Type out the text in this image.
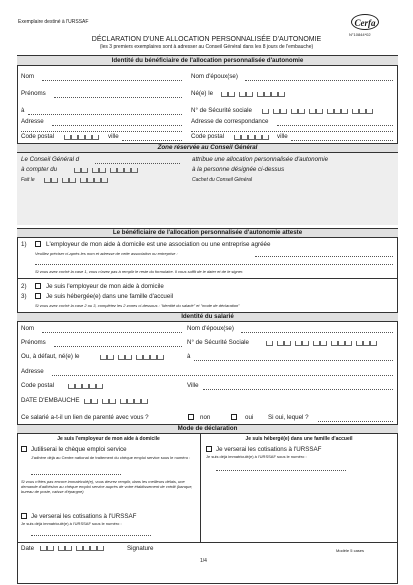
Exemplaire destiné à l'URSSAF	Cerfa
N°10844*02
DÉCLARATION D'UNE ALLOCATION PERSONNALISÉE D'AUTONOMIE
(les 3 premiers exemplaires sont à adresser au Conseil Général dans les 8 jours de l'embauche)
Identité du bénéficiaire de l'allocation personnalisée d'autonomie
Nom	Nom d'époux(se)
Prénoms	Né(e) le
à	N° de Sécurité sociale
Adresse	Adresse de correspondance
Code postal	ville	Code postal	ville
Zone réservée au Conseil Général
Le Conseil Général d	attribue une allocation personnalisée d'autonomie
à compter du	à la personne désignée ci-dessus
Fait le	Cachet du Conseil Général
Le bénéficiaire de l'allocation personnalisée d'autonomie atteste
1)	L'employeur de mon aide à domicile est une association ou une entreprise agréée
Veuillez préciser ci-après les nom et adresse de cette association ou entreprise :
Si vous avez coché la case 1, vous n'avez pas à remplir le reste du formulaire. Il vous suffit de le dater et de le signer.
2)	Je suis l'employeur de mon aide à domicile
3)	Je suis hébergée(e) dans une famille d'accueil
Si vous avez coché la case 2 ou 3, complétez les 2 zones ci-dessous : "identité du salarié" et "mode de déclaration"
Identité du salarié
Nom	Nom d'époux(se)
Prénoms	N° de Sécurité Sociale
Ou, à défaut, né(e) le	à
Adresse
Code postal	Ville
DATE D'EMBAUCHE
Ce salarié a-t-il un lien de parenté avec vous ?	non	oui Si oui, lequel ?
Mode de déclaration
Je suis l'employeur de mon aide à domicile
Jutiliserai le chèque emploi service
J'adhère déjà au Centre national de traitement du chèque emploi service sous le numéro :
Si vous n'êtes pas encore immatriculé(e), vous devrez remplir, dans les meilleurs délais, une demande d'adhésion au chèque emploi service auprès de votre établissement de crédit (banque, bureau de poste, caisse d'épargne)
Je verserai les cotisations à l'URSSAF
Je suis déjà immatriculé(e) à l'URSSAF sous le numéro :
Je suis hébergé(e) dans une famille d'accueil
Je verserai les cotisations à l'URSSAF
Je suis déjà immatriculé(e) à l'URSSAF sous le numéro :
Date	Signature	Modèle 5 cases
1/4
